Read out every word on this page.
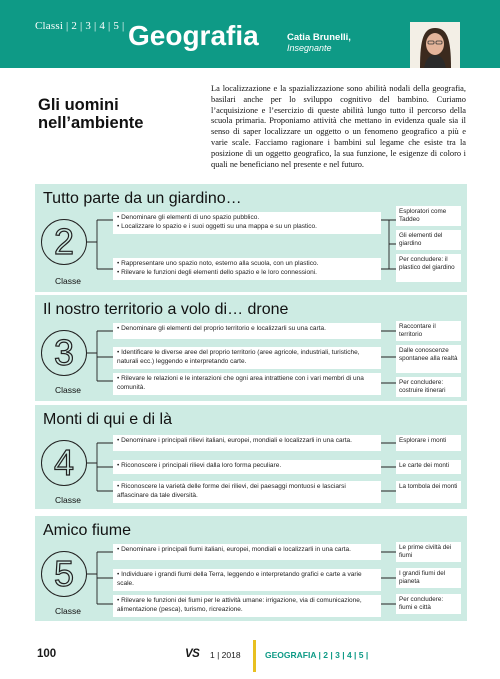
Classi | 2 | 3 | 4 | 5 | Geografia	Catia Brunelli,
Insegnante
Gli uomini
nell’ambiente

La localizzazione e la spazializzazione sono abilità nodali della geografia, basilari anche per lo sviluppo cognitivo del bambino. Curiamo l’acquisizione e l’esercizio di queste abilità lungo tutto il percorso della scuola primaria. Proponiamo attività che mettano in evidenza quale sia il senso di saper localizzare un oggetto o un fenomeno geografico a più e varie scale. Facciamo ragionare i bambini sul legame che esiste tra la posizione di un oggetto geografico, la sua funzione, le esigenze di coloro i quali ne beneficiano nel presente e nel futuro.

Tutto parte da un giardino…
2
Classe
• Denominare gli elementi di uno spazio pubblico.
• Localizzare lo spazio e i suoi oggetti su una mappa e su un plastico.
• Rappresentare uno spazio noto, esterno alla scuola, con un plastico.
• Rilevare le funzioni degli elementi dello spazio e le loro connessioni.
Esploratori come Taddeo
Gli elementi del giardino
Per concludere: il plastico del giardino
Il nostro territorio a volo di… drone
3
Classe
• Denominare gli elementi del proprio territorio e localizzarli su una carta.
• Identificare le diverse aree del proprio territorio (aree agricole, industriali, turistiche, naturali ecc.) leggendo e interpretando carte.
• Rilevare le relazioni e le interazioni che ogni area intrattiene con i vari membri di una comunità.
Raccontare il territorio
Dalle conoscenze spontanee alla realtà
Per concludere: costruire itinerari
Monti di qui e di là
4
Classe
• Denominare i principali rilievi italiani, europei, mondiali e localizzarli in una carta.
• Riconoscere i principali rilievi dalla loro forma peculiare.
• Riconoscere la varietà delle forme dei rilievi, dei paesaggi montuosi e lasciarsi affascinare da tale diversità.
Esplorare i monti
Le carte dei monti
La tombola dei monti
Amico fiume
5
Classe
• Denominare i principali fiumi italiani, europei, mondiali e localizzarli in una carta.
• Individuare i grandi fiumi della Terra, leggendo e interpretando grafici e carte a varie scale.
• Rilevare le funzioni dei fiumi per le attività umane: irrigazione, via di comunicazione, alimentazione (pesca), turismo, ricreazione.
Le prime civiltà dei fiumi
I grandi fiumi del pianeta
Per concludere: fiumi e città
100	VS 1 | 2018	GEOGRAFIA | 2 | 3 | 4 | 5 |
